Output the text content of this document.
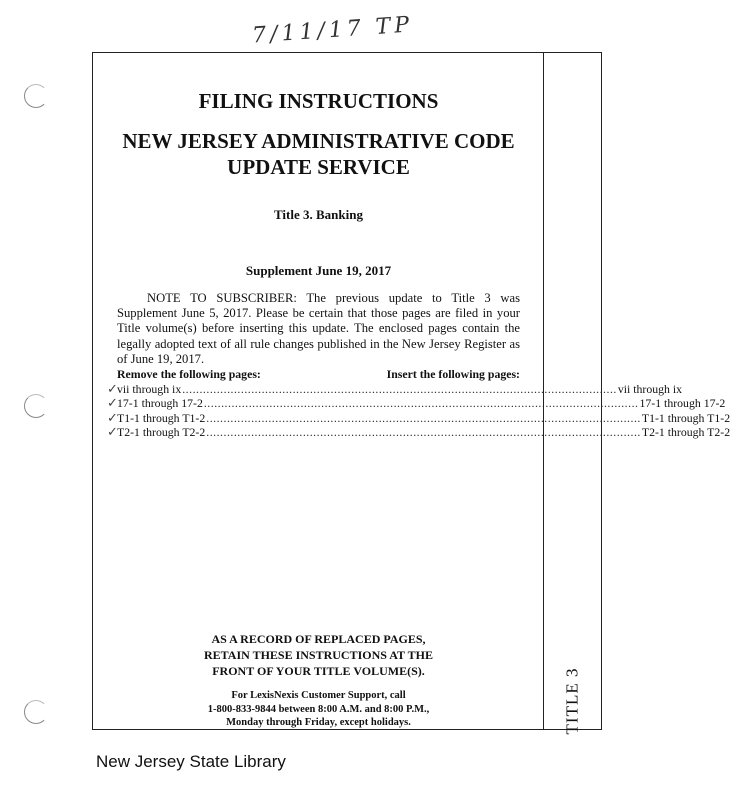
7/11/17 TP
FILING INSTRUCTIONS
NEW JERSEY ADMINISTRATIVE CODE
UPDATE SERVICE
Title 3. Banking
Supplement June 19, 2017
NOTE TO SUBSCRIBER: The previous update to Title 3 was Supplement June 5, 2017. Please be certain that those pages are filed in your Title volume(s) before inserting this update. The enclosed pages contain the legally adopted text of all rule changes published in the New Jersey Register as of June 19, 2017.
Remove the following pages:	Insert the following pages:
✓ vii through ix .............................................................................................................................. vii through ix
✓ 17-1 through 17-2 .............................................................................................................................. 17-1 through 17-2
✓ T1-1 through T1-2 .............................................................................................................................. T1-1 through T1-2
✓ T2-1 through T2-2 .............................................................................................................................. T2-1 through T2-2
AS A RECORD OF REPLACED PAGES,
RETAIN THESE INSTRUCTIONS AT THE
FRONT OF YOUR TITLE VOLUME(S).
For LexisNexis Customer Support, call
1-800-833-9844 between 8:00 A.M. and 8:00 P.M.,
Monday through Friday, except holidays.	TITLE 3
New Jersey State Library
